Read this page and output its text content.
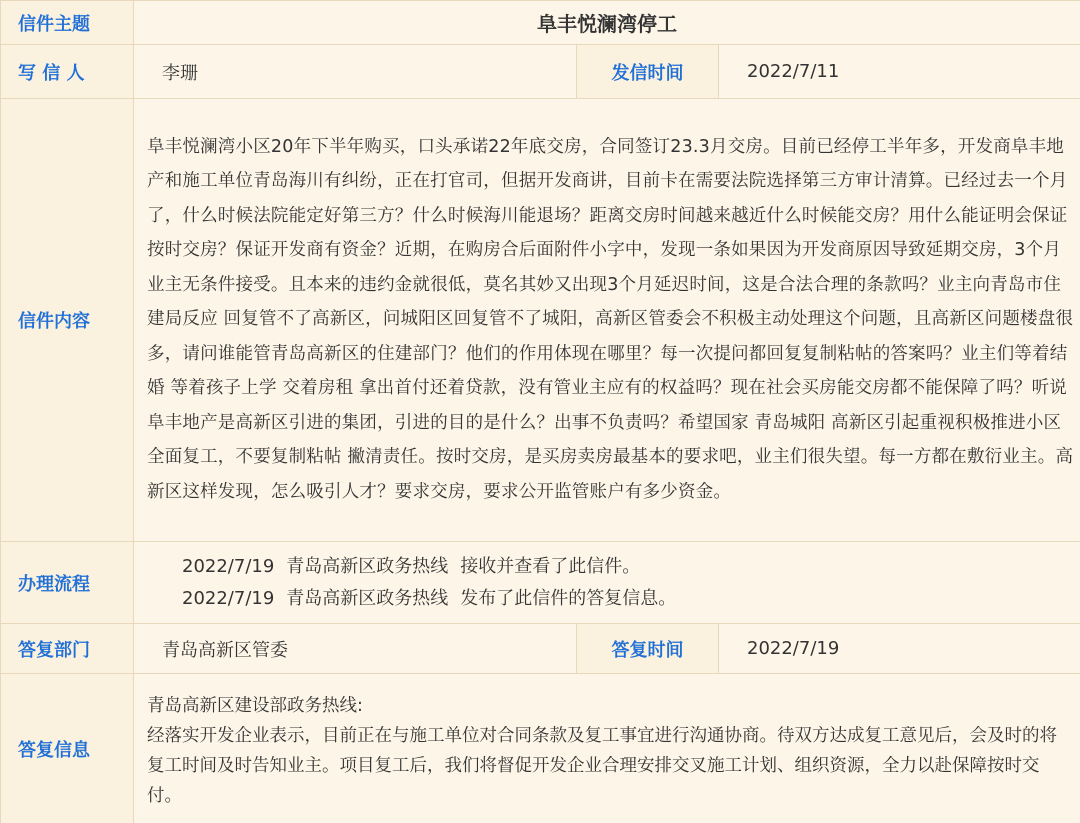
信件主题	阜丰悦澜湾停工		
写 信 人	李珊	发信时间	2022/7/11
信件内容	阜丰悦澜湾小区20年下半年购买，口头承诺22年底交房，合同签订23.3月交房。目前已经停工半年多，开发商阜丰地产和施工单位青岛海川有纠纷，正在打官司，但据开发商讲，目前卡在需要法院选择第三方审计清算。已经过去一个月了，什么时候法院能定好第三方？什么时候海川能退场？距离交房时间越来越近什么时候能交房？用什么能证明会保证按时交房？保证开发商有资金？近期，在购房合后面附件小字中，发现一条如果因为开发商原因导致延期交房，3个月业主无条件接受。且本来的违约金就很低，莫名其妙又出现3个月延迟时间，这是合法合理的条款吗？业主向青岛市住建局反应 回复管不了高新区，问城阳区回复管不了城阳，高新区管委会不积极主动处理这个问题，且高新区问题楼盘很多，请问谁能管青岛高新区的住建部门？他们的作用体现在哪里？每一次提问都回复复制粘帖的答案吗？业主们等着结婚 等着孩子上学 交着房租 拿出首付还着贷款，没有管业主应有的权益吗？现在社会买房能交房都不能保障了吗？听说阜丰地产是高新区引进的集团，引进的目的是什么？出事不负责吗？希望国家 青岛城阳 高新区引起重视积极推进小区全面复工，不要复制粘帖 撇清责任。按时交房，是买房卖房最基本的要求吧，业主们很失望。每一方都在敷衍业主。高新区这样发现，怎么吸引人才？要求交房，要求公开监管账户有多少资金。		
办理流程	2022/7/19 青岛高新区政务热线 接收并查看了此信件。
2022/7/19 青岛高新区政务热线 发布了此信件的答复信息。		

答复部门	青岛高新区管委	答复时间	2022/7/19
答复信息	青岛高新区建设部政务热线:

经落实开发企业表示，目前正在与施工单位对合同条款及复工事宜进行沟通协商。待双方达成复工意见后，会及时的将复工时间及时告知业主。项目复工后，我们将督促开发企业合理安排交叉施工计划、组织资源，全力以赴保障按时交付。		
